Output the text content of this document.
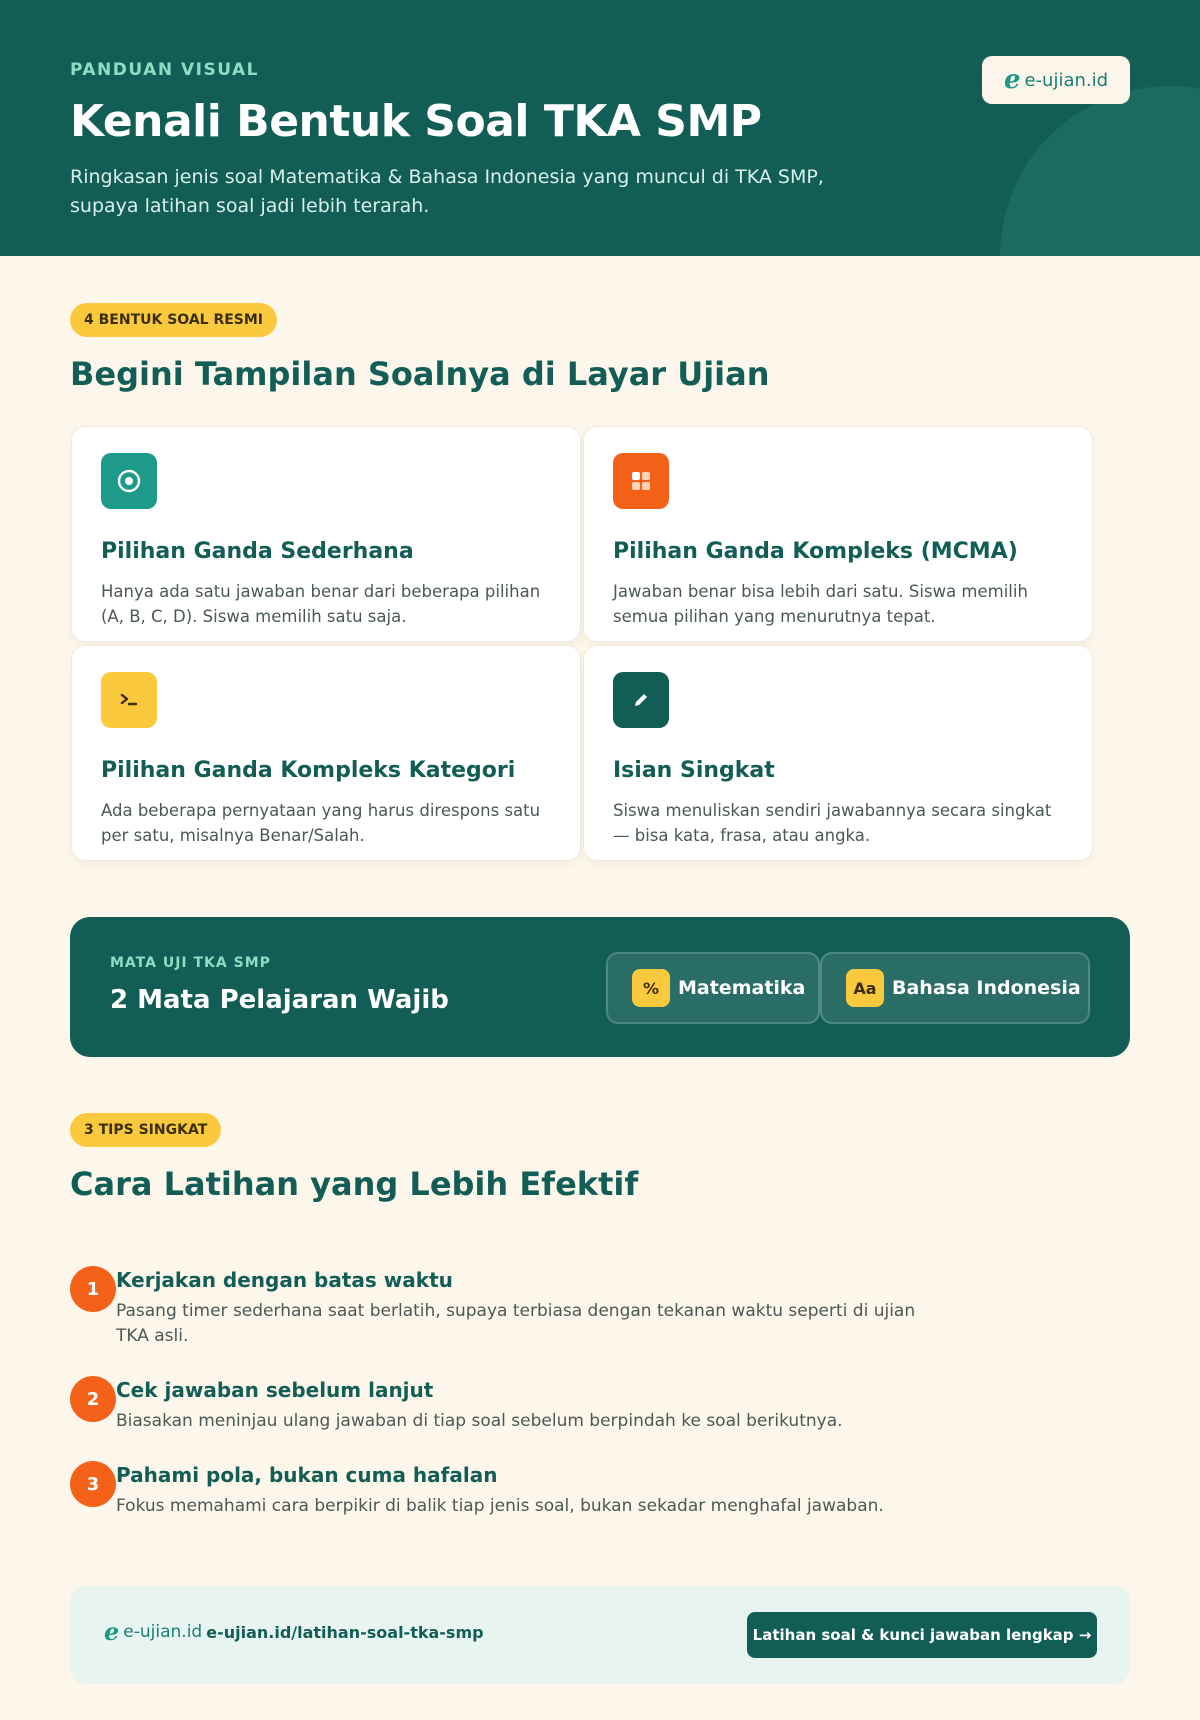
PANDUAN VISUAL
Kenali Bentuk Soal TKA SMP

Ringkasan jenis soal Matematika & Bahasa Indonesia yang muncul di TKA SMP, supaya latihan soal jadi lebih terarah.

e e-ujian.id
4 BENTUK SOAL RESMI
Begini Tampilan Soalnya di Layar Ujian
Pilihan Ganda Sederhana
Hanya ada satu jawaban benar dari beberapa pilihan (A, B, C, D). Siswa memilih satu saja.
Pilihan Ganda Kompleks (MCMA)
Jawaban benar bisa lebih dari satu. Siswa memilih semua pilihan yang menurutnya tepat.
Pilihan Ganda Kompleks Kategori
Ada beberapa pernyataan yang harus direspons satu per satu, misalnya Benar/Salah.
Isian Singkat
Siswa menuliskan sendiri jawabannya secara singkat — bisa kata, frasa, atau angka.
MATA UJI TKA SMP
2 Mata Pelajaran Wajib	% Matematika	Aa Bahasa Indonesia
3 TIPS SINGKAT
Cara Latihan yang Lebih Efektif
1 Kerjakan dengan batas waktu
Pasang timer sederhana saat berlatih, supaya terbiasa dengan tekanan waktu seperti di ujian TKA asli.
2 Cek jawaban sebelum lanjut
Biasakan meninjau ulang jawaban di tiap soal sebelum berpindah ke soal berikutnya.
3 Pahami pola, bukan cuma hafalan
Fokus memahami cara berpikir di balik tiap jenis soal, bukan sekadar menghafal jawaban.
e e-ujian.id e-ujian.id/latihan-soal-tka-smp	Latihan soal & kunci jawaban lengkap →
